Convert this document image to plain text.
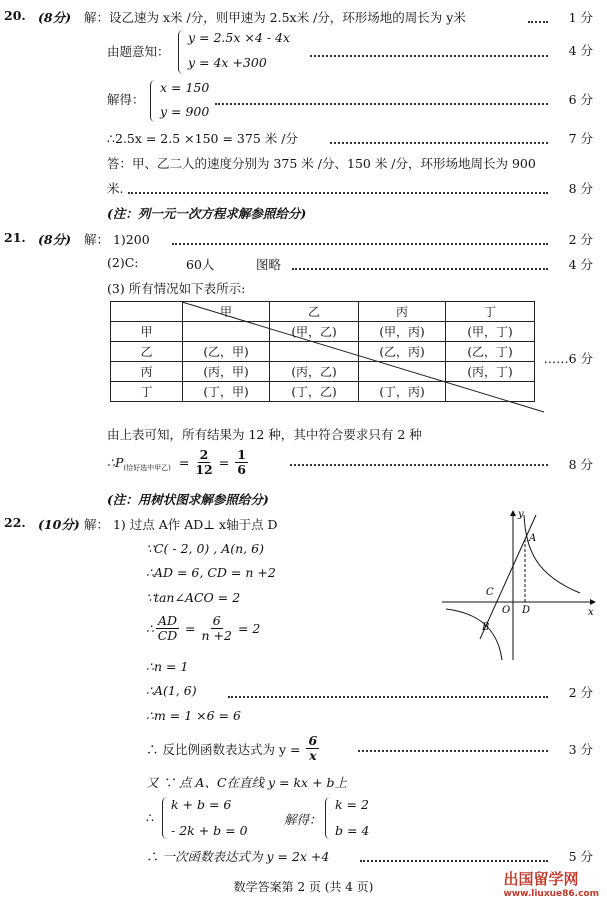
20. (8分) 解：设乙速为 x米 /分，则甲速为 2.5x米 /分，环形场地的周长为 y米	1 分
由题意知：
y = 2.5x ×4 - 4x
y = 4x +300
4 分
解得：
x = 150
y = 900
6 分
∴2.5x = 2.5 ×150 = 375 米 /分	7 分
答：甲、乙二人的速度分别为 375 米 /分、150 米 /分，环形场地周长为 900
米.	8 分
(注：列一元一次方程求解参照给分)
21. (8分) 解： 1)200	2 分
(2)C:	60人	图略	4 分
(3) 所有情况如下表所示:
	甲	乙	丙	丁
甲		(甲，乙)	(甲，丙)	(甲，丁)
乙	(乙，甲)		(乙，丙)	(乙，丁)
丙	(丙，甲)	(丙，乙)		(丙，丁)
丁	(丁，甲)	(丁，乙)	(丁，丙)	
……6 分
由上表可知，所有结果为 12 种，其中符合要求只有 2 种
∴P (恰好选中甲乙) = $\frac{2}{12} = \frac{1}{6}$	8 分
(注：用树状图求解参照给分)
22. (10分) 解： 1) 过点 A作 AD⊥ x轴于点 D
∵C( - 2, 0) , A(n, 6)
∴AD = 6, CD = n +2
∵tan∠ACO = 2
∴ $\frac{AD}{CD} = \frac{6}{n +2} = 2$
∴n = 1
∴A(1, 6)	2 分
∴m = 1 ×6 = 6
∴ 反比例函数表达式为 $y = \frac{6}{x}$	3 分
又 ∵ 点 A、C在直线 y = kx + b上
∴
k + b = 6
- 2k + b = 0
解得：
k = 2
b = 4
∴ 一次函数表达式为 y = 2x +4	5 分
y
x
O
A
C
D
B
数学答案第 2 页 (共 4 页)	出国留学网
www.liuxue86.com
